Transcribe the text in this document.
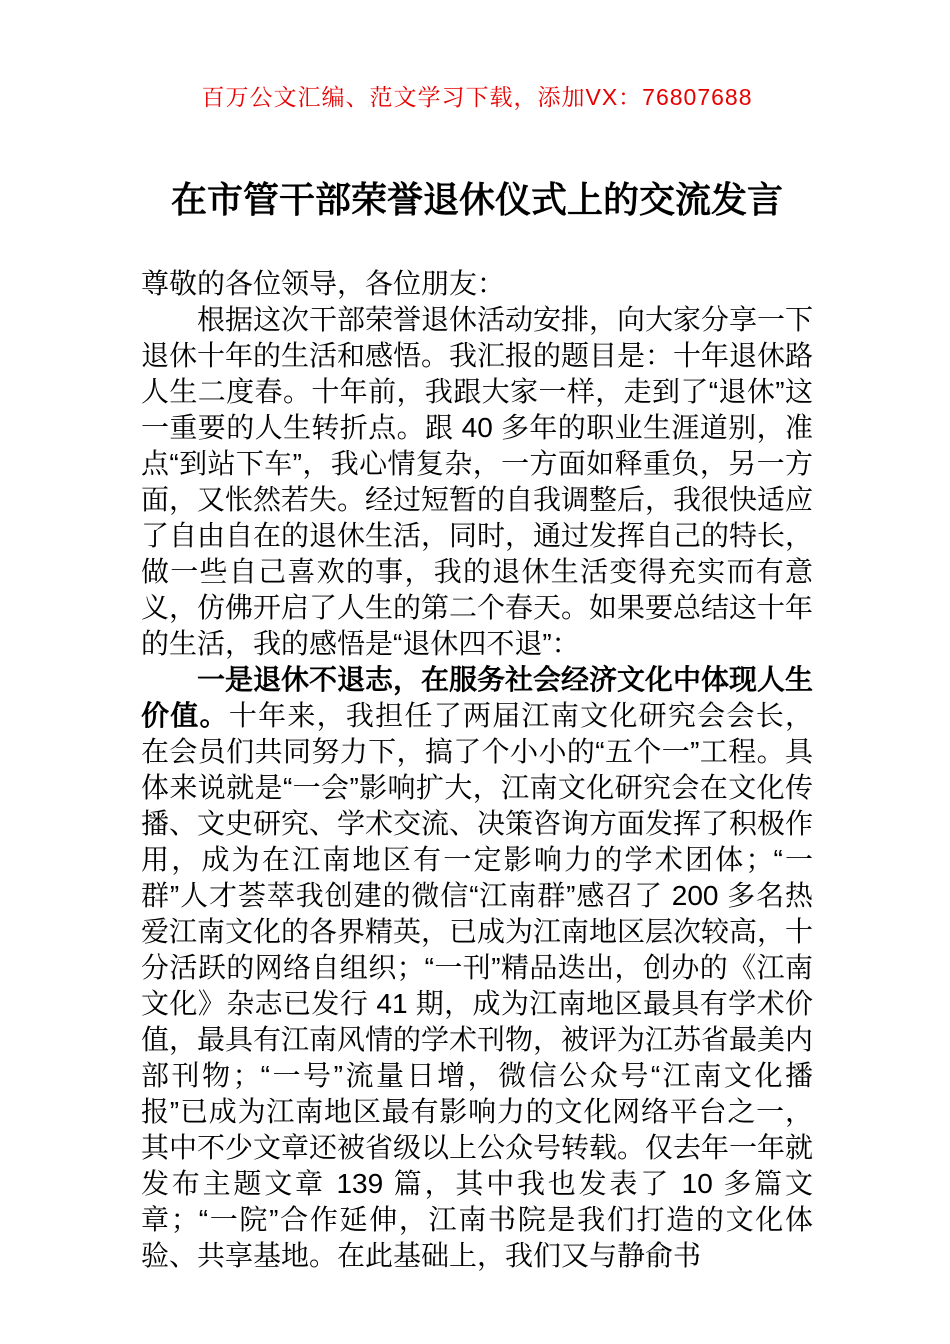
百万公文汇编、范文学习下载，添加VX：76807688
在市管干部荣誉退休仪式上的交流发言

尊敬的各位领导，各位朋友：

根据这次干部荣誉退休活动安排，向大家分享一下退休十年的生活和感悟。我汇报的题目是：十年退休路人生二度春。十年前，我跟大家一样，走到了“退休”这一重要的人生转折点。跟 40 多年的职业生涯道别，准点“到站下车”，我心情复杂，一方面如释重负，另一方面，又怅然若失。经过短暂的自我调整后，我很快适应了自由自在的退休生活，同时，通过发挥自己的特长，做一些自己喜欢的事，我的退休生活变得充实而有意义，仿佛开启了人生的第二个春天。如果要总结这十年的生活，我的感悟是“退休四不退”：

一是退休不退志，在服务社会经济文化中体现人生价值。十年来，我担任了两届江南文化研究会会长，在会员们共同努力下，搞了个小小的“五个一”工程。具体来说就是“一会”影响扩大，江南文化研究会在文化传播、文史研究、学术交流、决策咨询方面发挥了积极作用，成为在江南地区有一定影响力的学术团体；“一群”人才荟萃我创建的微信“江南群”感召了 200 多名热爱江南文化的各界精英，已成为江南地区层次较高，十分活跃的网络自组织；“一刊”精品迭出，创办的《江南文化》杂志已发行 41 期，成为江南地区最具有学术价值，最具有江南风情的学术刊物，被评为江苏省最美内部刊物；“一号”流量日增，微信公众号“江南文化播报”已成为江南地区最有影响力的文化网络平台之一，其中不少文章还被省级以上公众号转载。仅去年一年就发布主题文章 139 篇，其中我也发表了 10 多篇文章；“一院”合作延伸，江南书院是我们打造的文化体验、共享基地。在此基础上，我们又与静俞书
